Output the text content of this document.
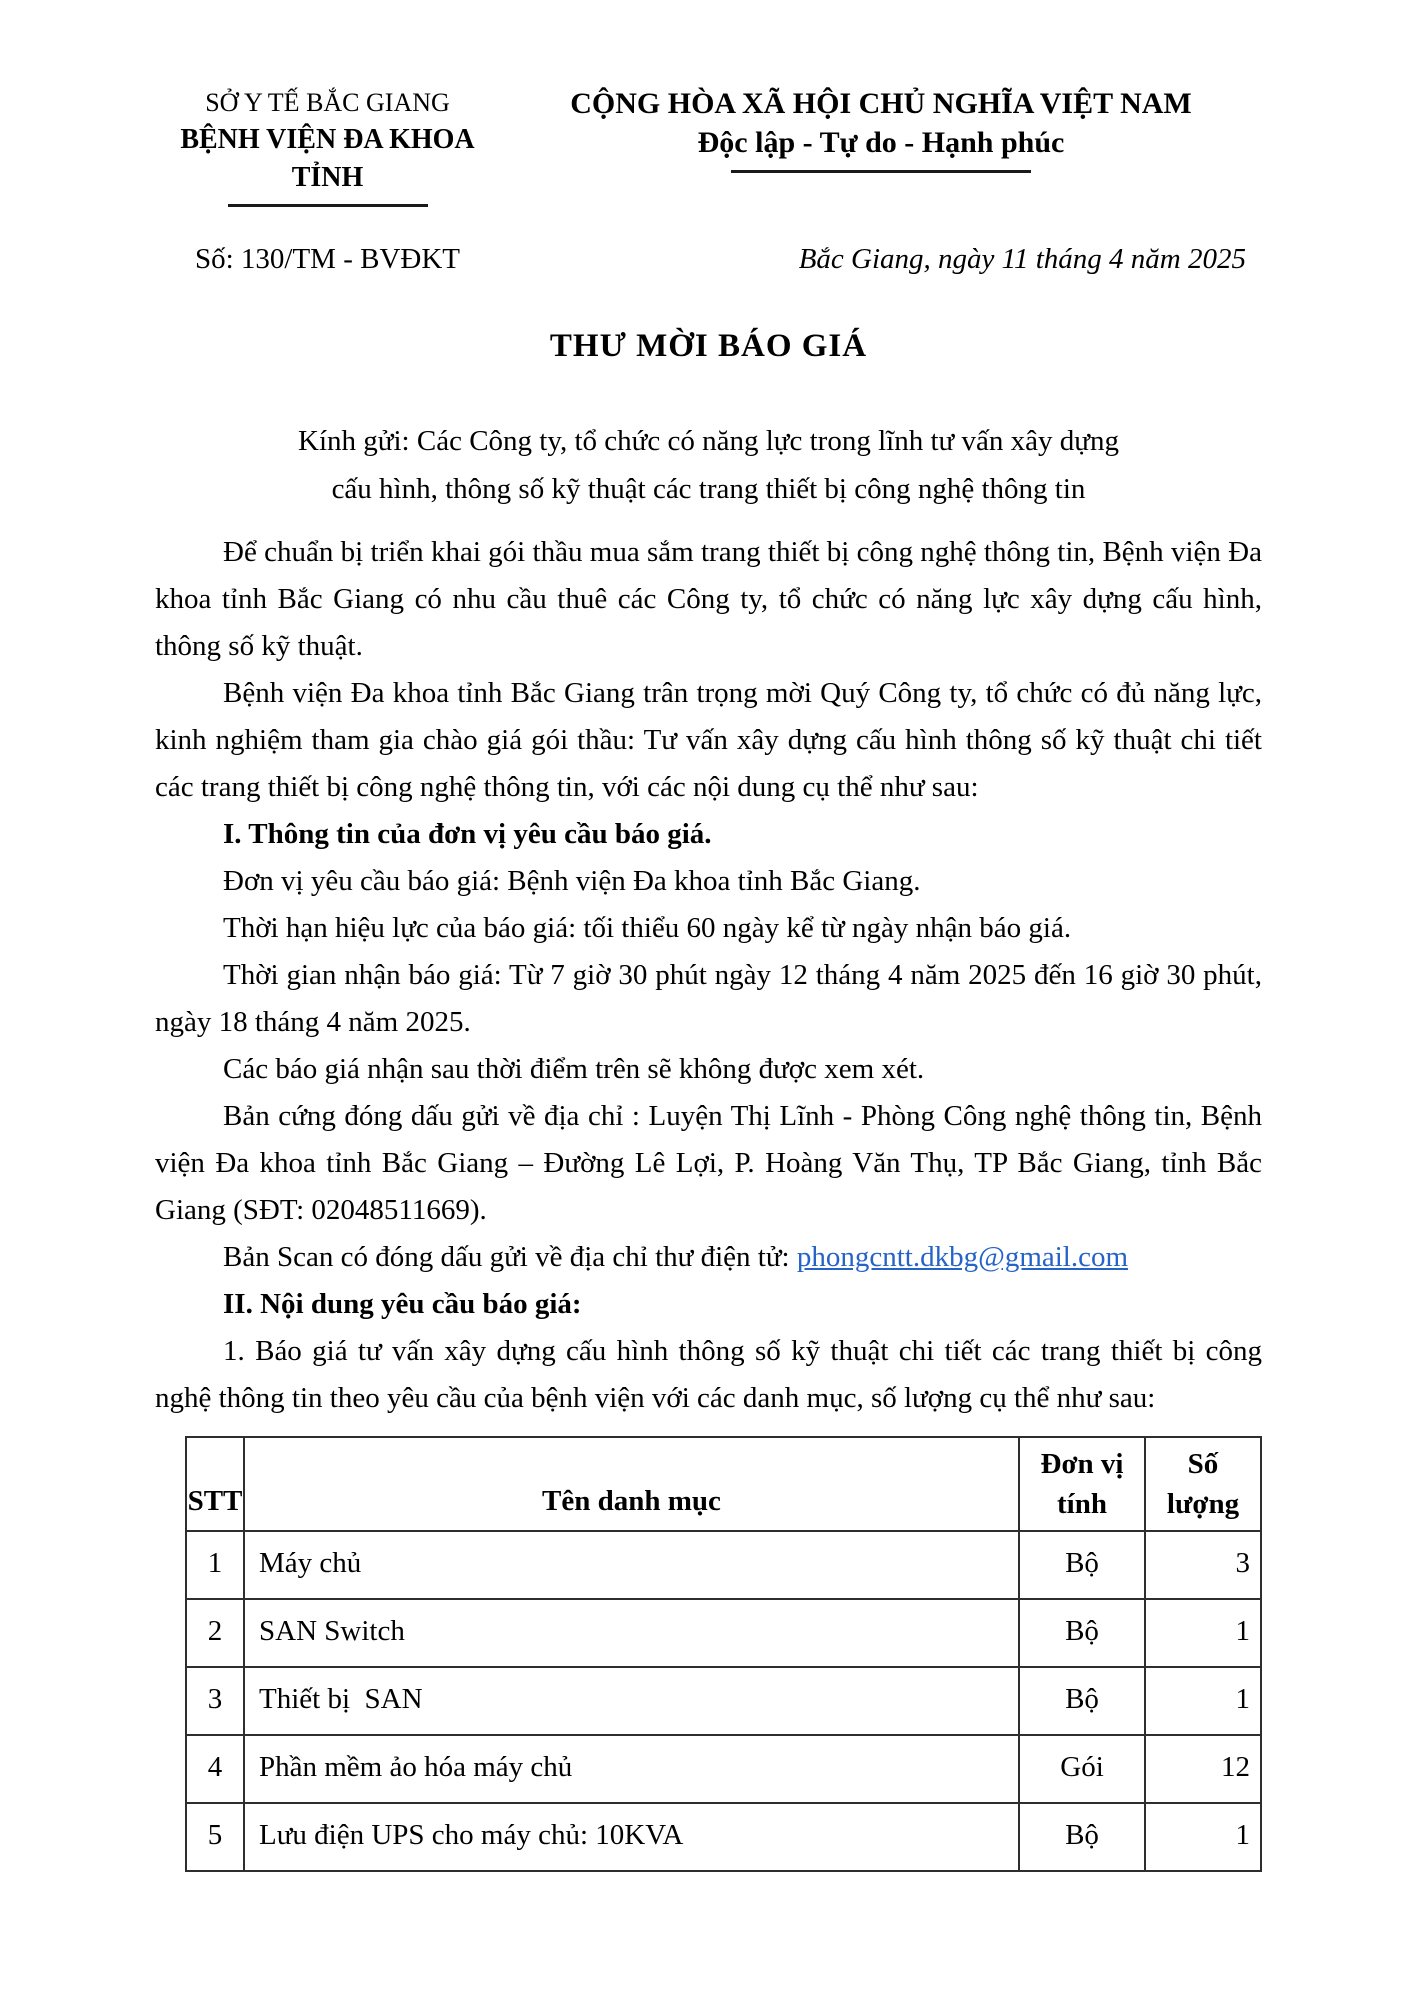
SỞ Y TẾ BẮC GIANG
BỆNH VIỆN ĐA KHOA TỈNH
CỘNG HÒA XÃ HỘI CHỦ NGHĨA VIỆT NAM
Độc lập - Tự do - Hạnh phúc
Số: 130/TM - BVĐKT	Bắc Giang, ngày 11 tháng 4 năm 2025
THƯ MỜI BÁO GIÁ
Kính gửi: Các Công ty, tổ chức có năng lực trong lĩnh tư vấn xây dựng
cấu hình, thông số kỹ thuật các trang thiết bị công nghệ thông tin

Để chuẩn bị triển khai gói thầu mua sắm trang thiết bị công nghệ thông tin, Bệnh viện Đa khoa tỉnh Bắc Giang có nhu cầu thuê các Công ty, tổ chức có năng lực xây dựng cấu hình, thông số kỹ thuật.

Bệnh viện Đa khoa tỉnh Bắc Giang trân trọng mời Quý Công ty, tổ chức có đủ năng lực, kinh nghiệm tham gia chào giá gói thầu: Tư vấn xây dựng cấu hình thông số kỹ thuật chi tiết các trang thiết bị công nghệ thông tin, với các nội dung cụ thể như sau:

I. Thông tin của đơn vị yêu cầu báo giá.

Đơn vị yêu cầu báo giá: Bệnh viện Đa khoa tỉnh Bắc Giang.

Thời hạn hiệu lực của báo giá: tối thiểu 60 ngày kể từ ngày nhận báo giá.

Thời gian nhận báo giá: Từ 7 giờ 30 phút ngày 12 tháng 4 năm 2025 đến 16 giờ 30 phút, ngày 18 tháng 4 năm 2025.

Các báo giá nhận sau thời điểm trên sẽ không được xem xét.

Bản cứng đóng dấu gửi về địa chỉ : Luyện Thị Lĩnh - Phòng Công nghệ thông tin, Bệnh viện Đa khoa tỉnh Bắc Giang – Đường Lê Lợi, P. Hoàng Văn Thụ, TP Bắc Giang, tỉnh Bắc Giang (SĐT: 02048511669).

Bản Scan có đóng dấu gửi về địa chỉ thư điện tử: phongcntt.dkbg@gmail.com

II. Nội dung yêu cầu báo giá:

1. Báo giá tư vấn xây dựng cấu hình thông số kỹ thuật chi tiết các trang thiết bị công nghệ thông tin theo yêu cầu của bệnh viện với các danh mục, số lượng cụ thể như sau:

STT	Tên danh mục	Đơn vị tính	Số lượng
1	Máy chủ	Bộ	3
2	SAN Switch	Bộ	1
3	Thiết bị  SAN	Bộ	1
4	Phần mềm ảo hóa máy chủ	Gói	12
5	Lưu điện UPS cho máy chủ: 10KVA	Bộ	1
